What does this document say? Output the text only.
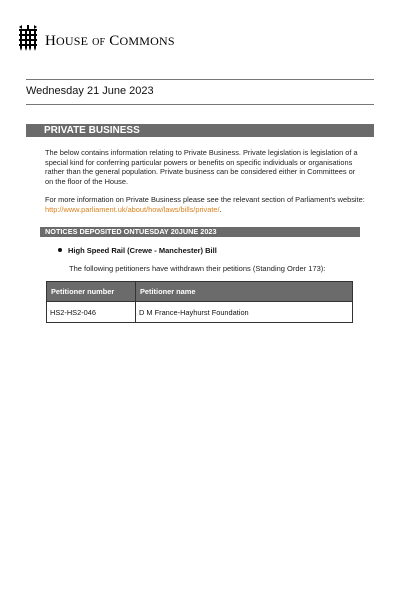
HOUSE OF COMMONS
Wednesday 21 June 2023
PRIVATE BUSINESS
The below contains information relating to Private Business. Private legislation is legislation of a special kind for conferring particular powers or benefits on specific individuals or organisations rather than the general population. Private business can be considered either in Committees or on the floor of the House.
For more information on Private Business please see the relevant section of Parliament's website: http://www.parliament.uk/about/how/laws/bills/private/.
NOTICES DEPOSITED ONTUESDAY 20JUNE 2023
High Speed Rail (Crewe - Manchester) Bill
The following petitioners have withdrawn their petitions (Standing Order 173):
Petitioner number	Petitioner name
HS2-HS2-046	D M France-Hayhurst Foundation
